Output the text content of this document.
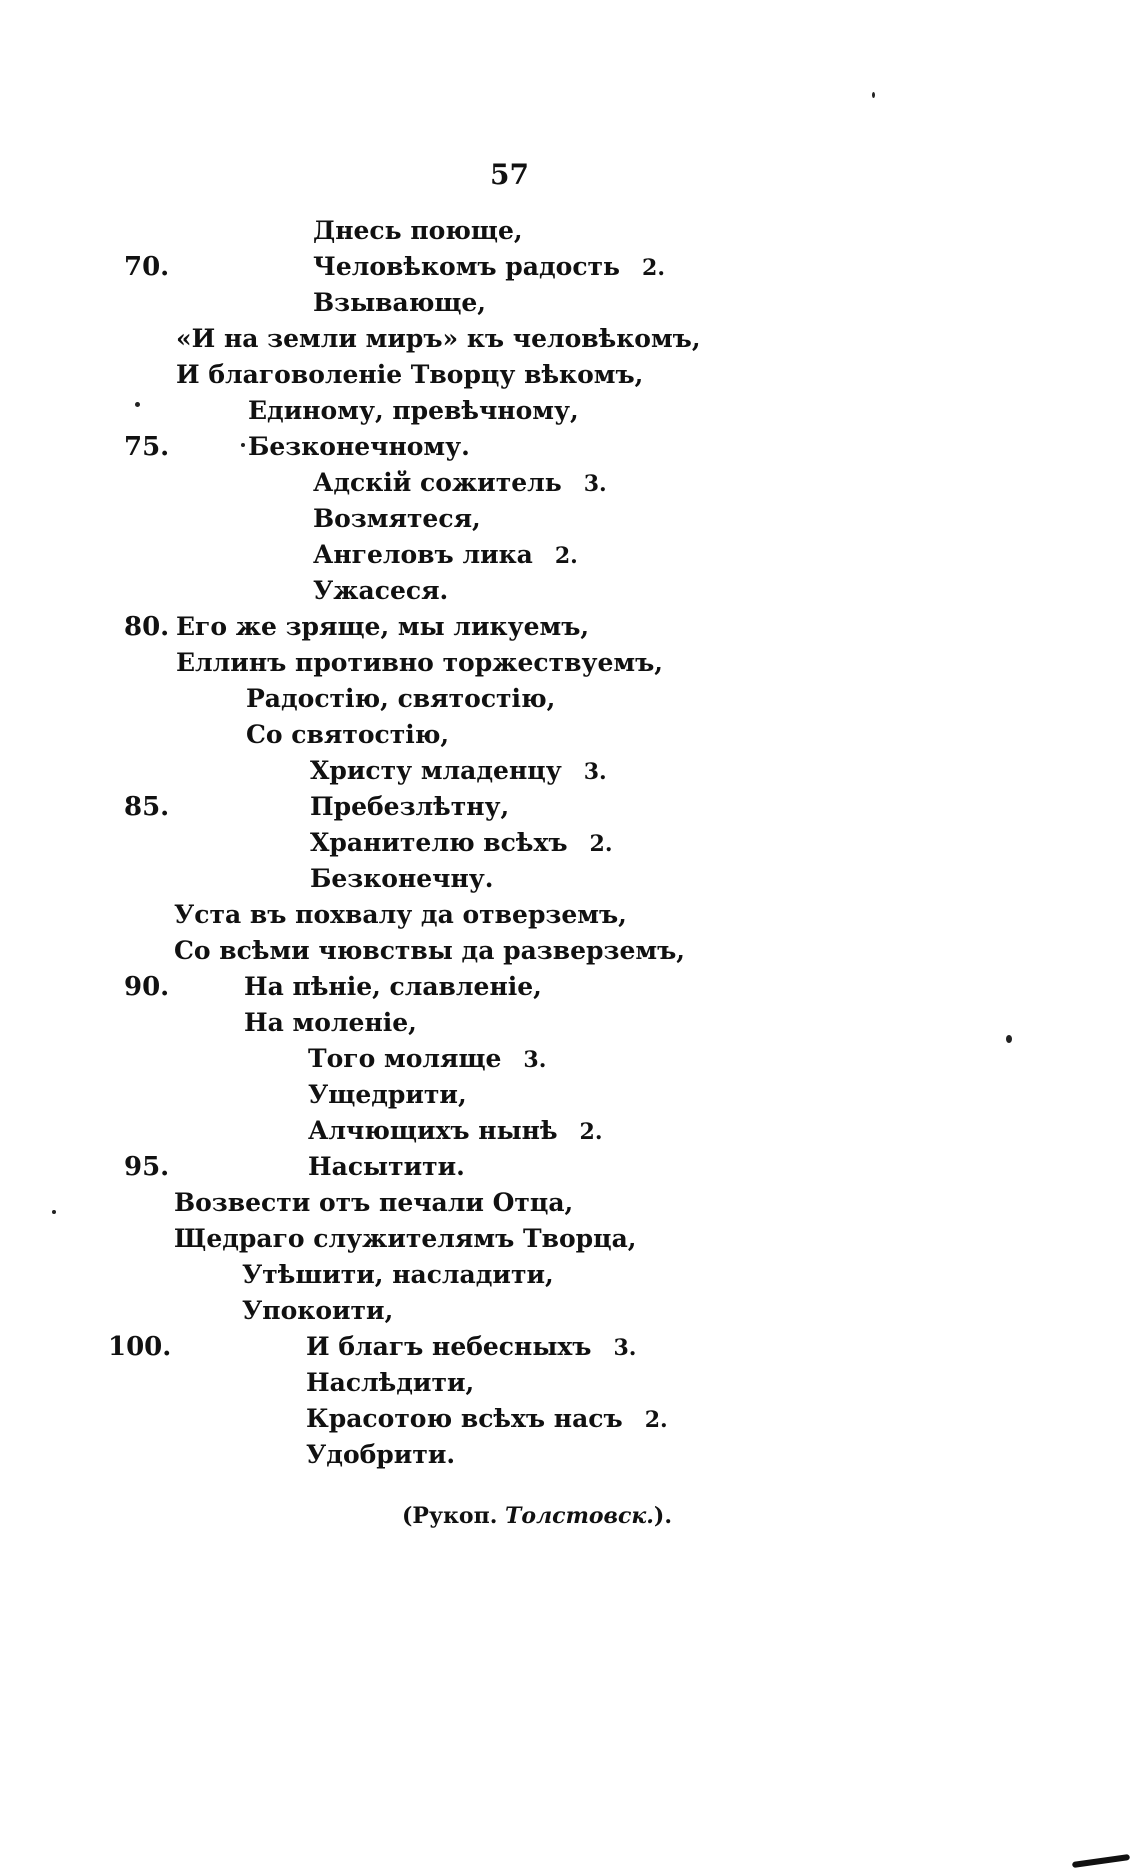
57
Днесь поюще,
70.	Человѣкомъ радость 2.
Взывающе,
«И на земли миръ» къ человѣкомъ,
И благоволеніе Творцу вѣкомъ,
Единому, превѣчному,
75.	Безконечному.
Адскій сожитель 3.
Возмятеся,
Ангеловъ лика 2.
Ужасеся.
80. Его же зряще, мы ликуемъ,
Еллинъ противно торжествуемъ,
Радостію, святостію,
Со святостію,
Христу младенцу 3.
85.	Пребезлѣтну,
Хранителю всѣхъ 2.
Безконечну.
Уста въ похвалу да отверземъ,
Со всѣми чювствы да разверземъ,
90.	На пѣніе, славленіе,
На моленіе,
Того моляще 3.
Ущедрити,
Алчющихъ нынѣ 2.
95.	Насытити.
Возвести отъ печали Отца,
Щедраго служителямъ Творца,
Утѣшити, насладити,
Упокоити,
100.	И благъ небесныхъ 3.
Наслѣдити,
Красотою всѣхъ насъ 2.
Удобрити.
(Рукоп. Толстовск.).
